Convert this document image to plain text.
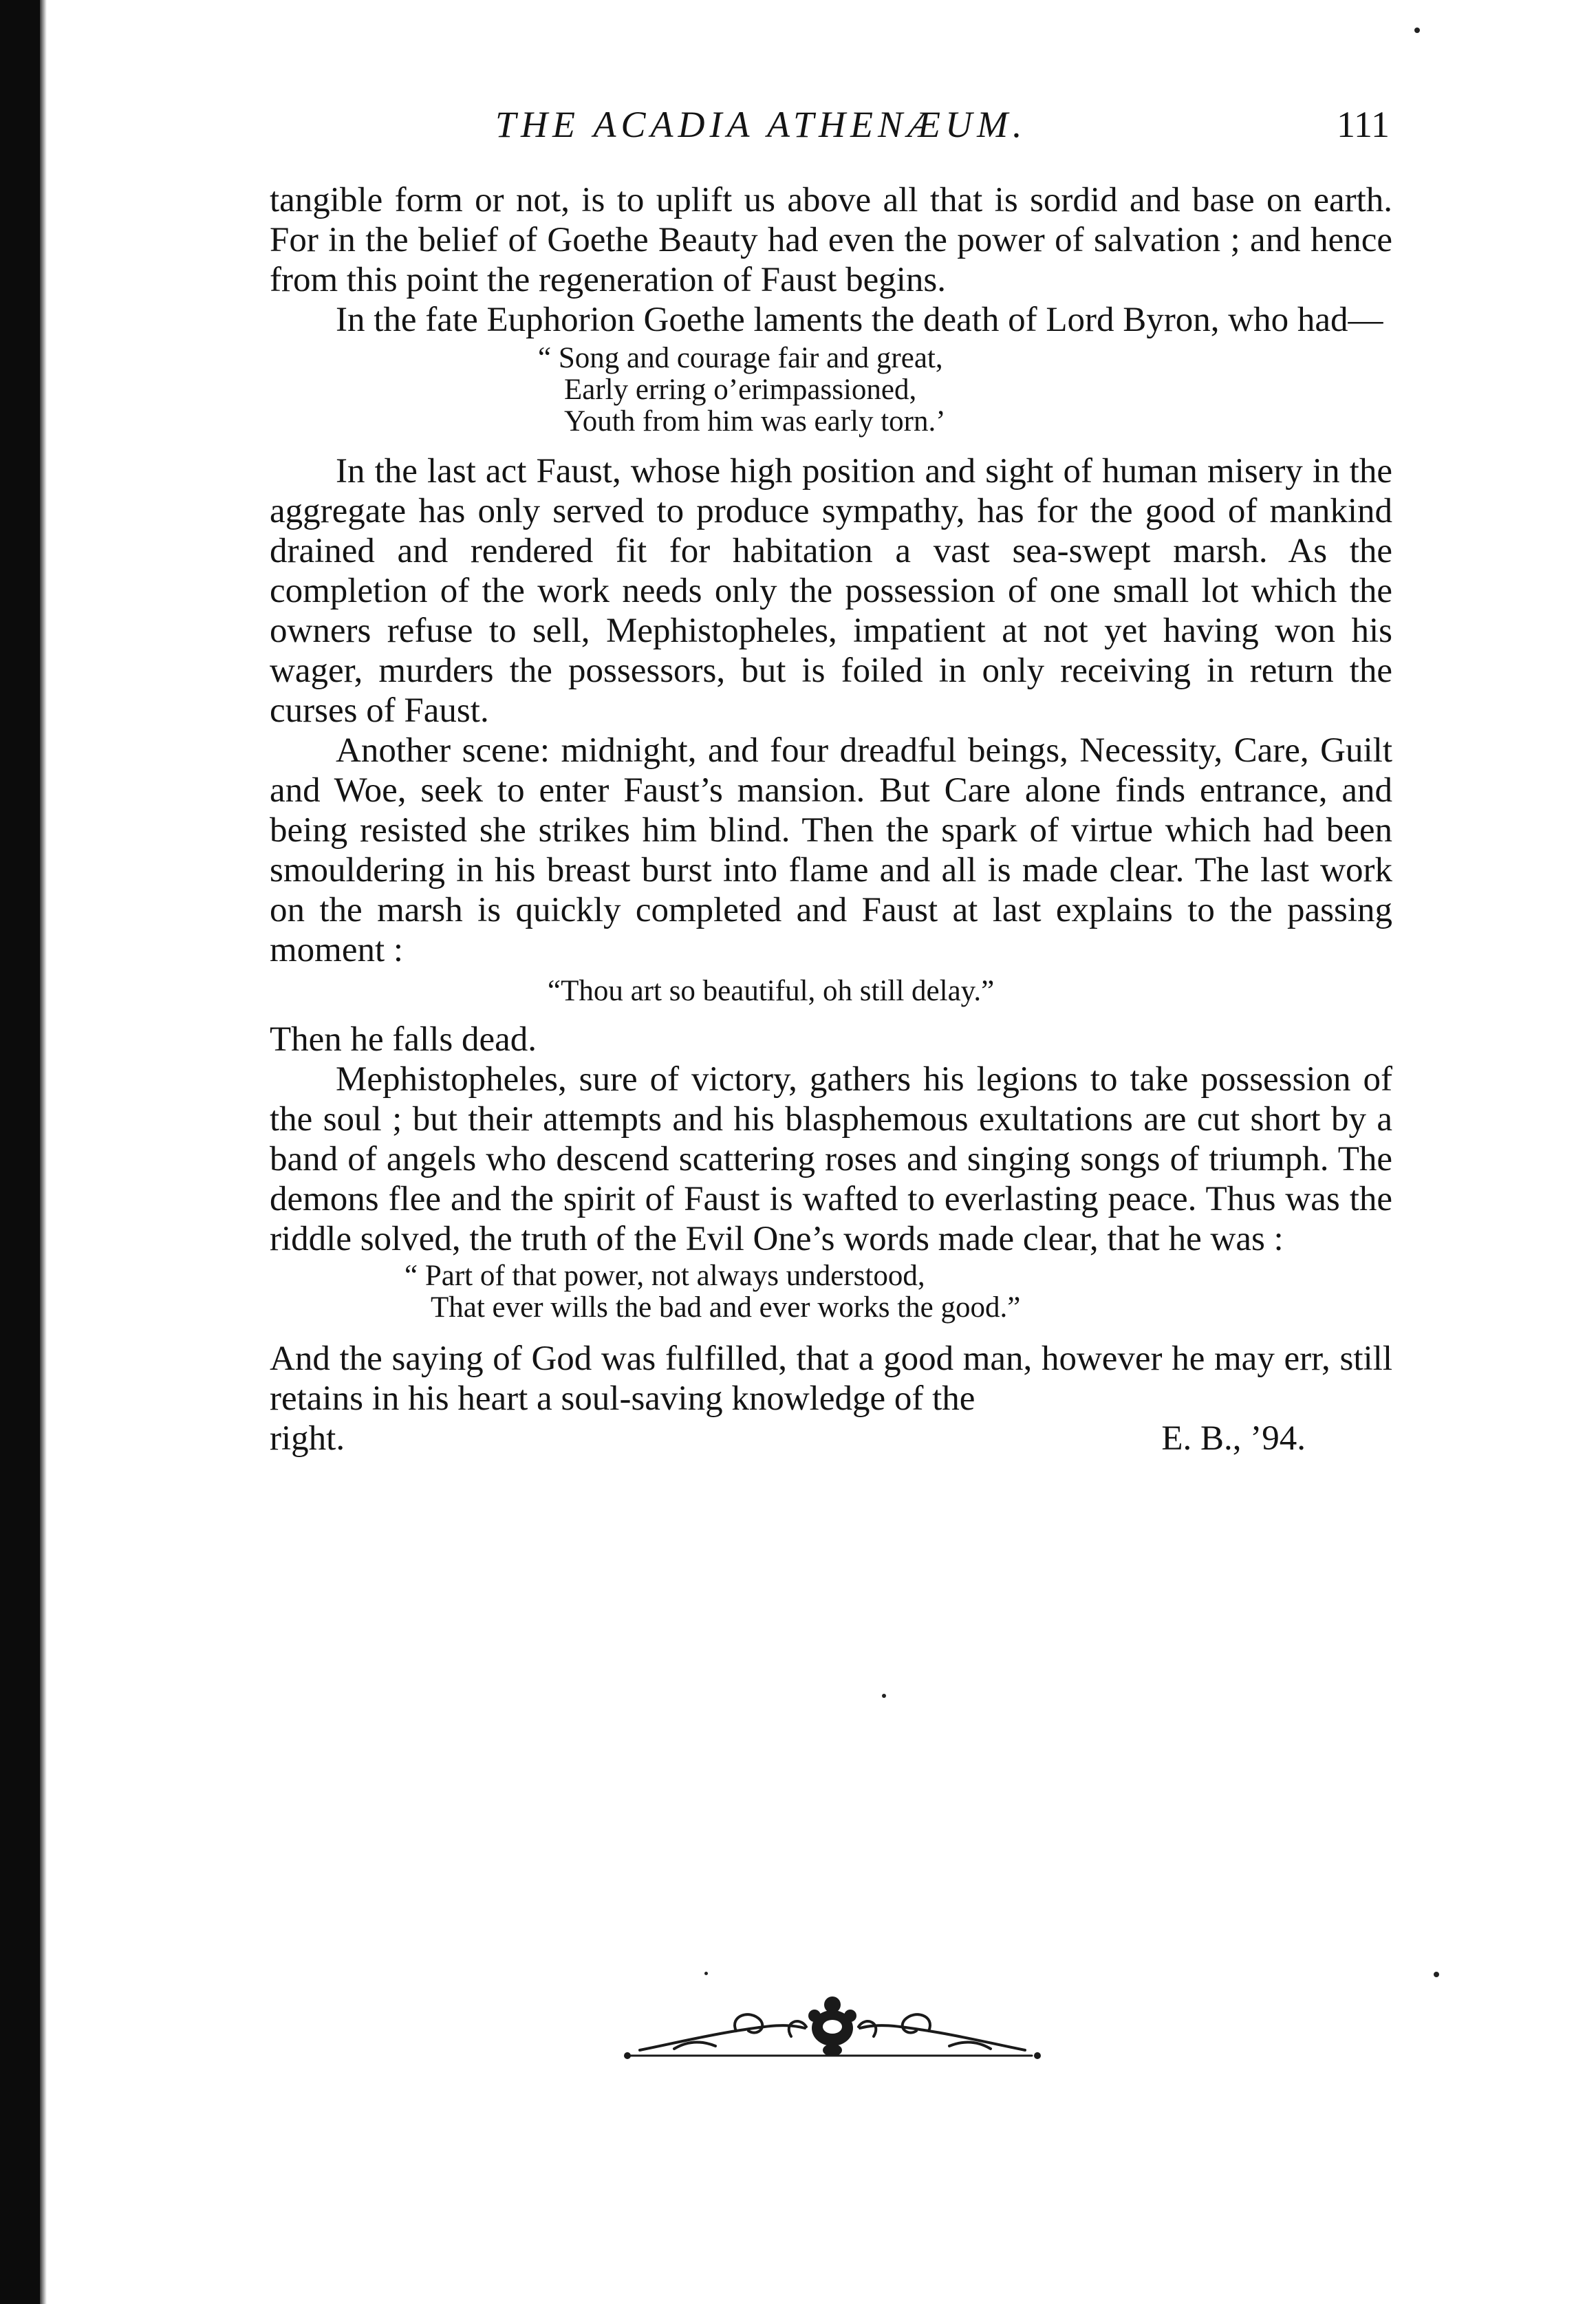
THE ACADIA ATHENÆUM.	111

tangible form or not, is to uplift us above all that is sordid and base on earth. For in the belief of Goethe Beauty had even the power of salvation ; and hence from this point the regeneration of Faust begins.

In the fate Euphorion Goethe laments the death of Lord Byron, who had—

“ Song and courage fair and great,
Early erring o’erimpassioned,
Youth from him was early torn.’

In the last act Faust, whose high position and sight of human misery in the aggregate has only served to produce sympathy, has for the good of mankind drained and rendered fit for habitation a vast sea-swept marsh. As the completion of the work needs only the possession of one small lot which the owners refuse to sell, Mephistopheles, impatient at not yet having won his wager, murders the possessors, but is foiled in only receiving in return the curses of Faust.

Another scene: midnight, and four dreadful beings, Necessity, Care, Guilt and Woe, seek to enter Faust’s mansion. But Care alone finds entrance, and being resisted she strikes him blind. Then the spark of virtue which had been smouldering in his breast burst into flame and all is made clear. The last work on the marsh is quickly completed and Faust at last explains to the passing moment :

“Thou art so beautiful, oh still delay.”

Then he falls dead.

Mephistopheles, sure of victory, gathers his legions to take possession of the soul ; but their attempts and his blasphemous exultations are cut short by a band of angels who descend scattering roses and singing songs of triumph. The demons flee and the spirit of Faust is wafted to everlasting peace. Thus was the riddle solved, the truth of the Evil One’s words made clear, that he was :

“ Part of that power, not always understood,
That ever wills the bad and ever works the good.”

And the saying of God was fulfilled, that a good man, however he may err, still retains in his heart a soul-saving knowledge of the

right.	E. B., ’94.
